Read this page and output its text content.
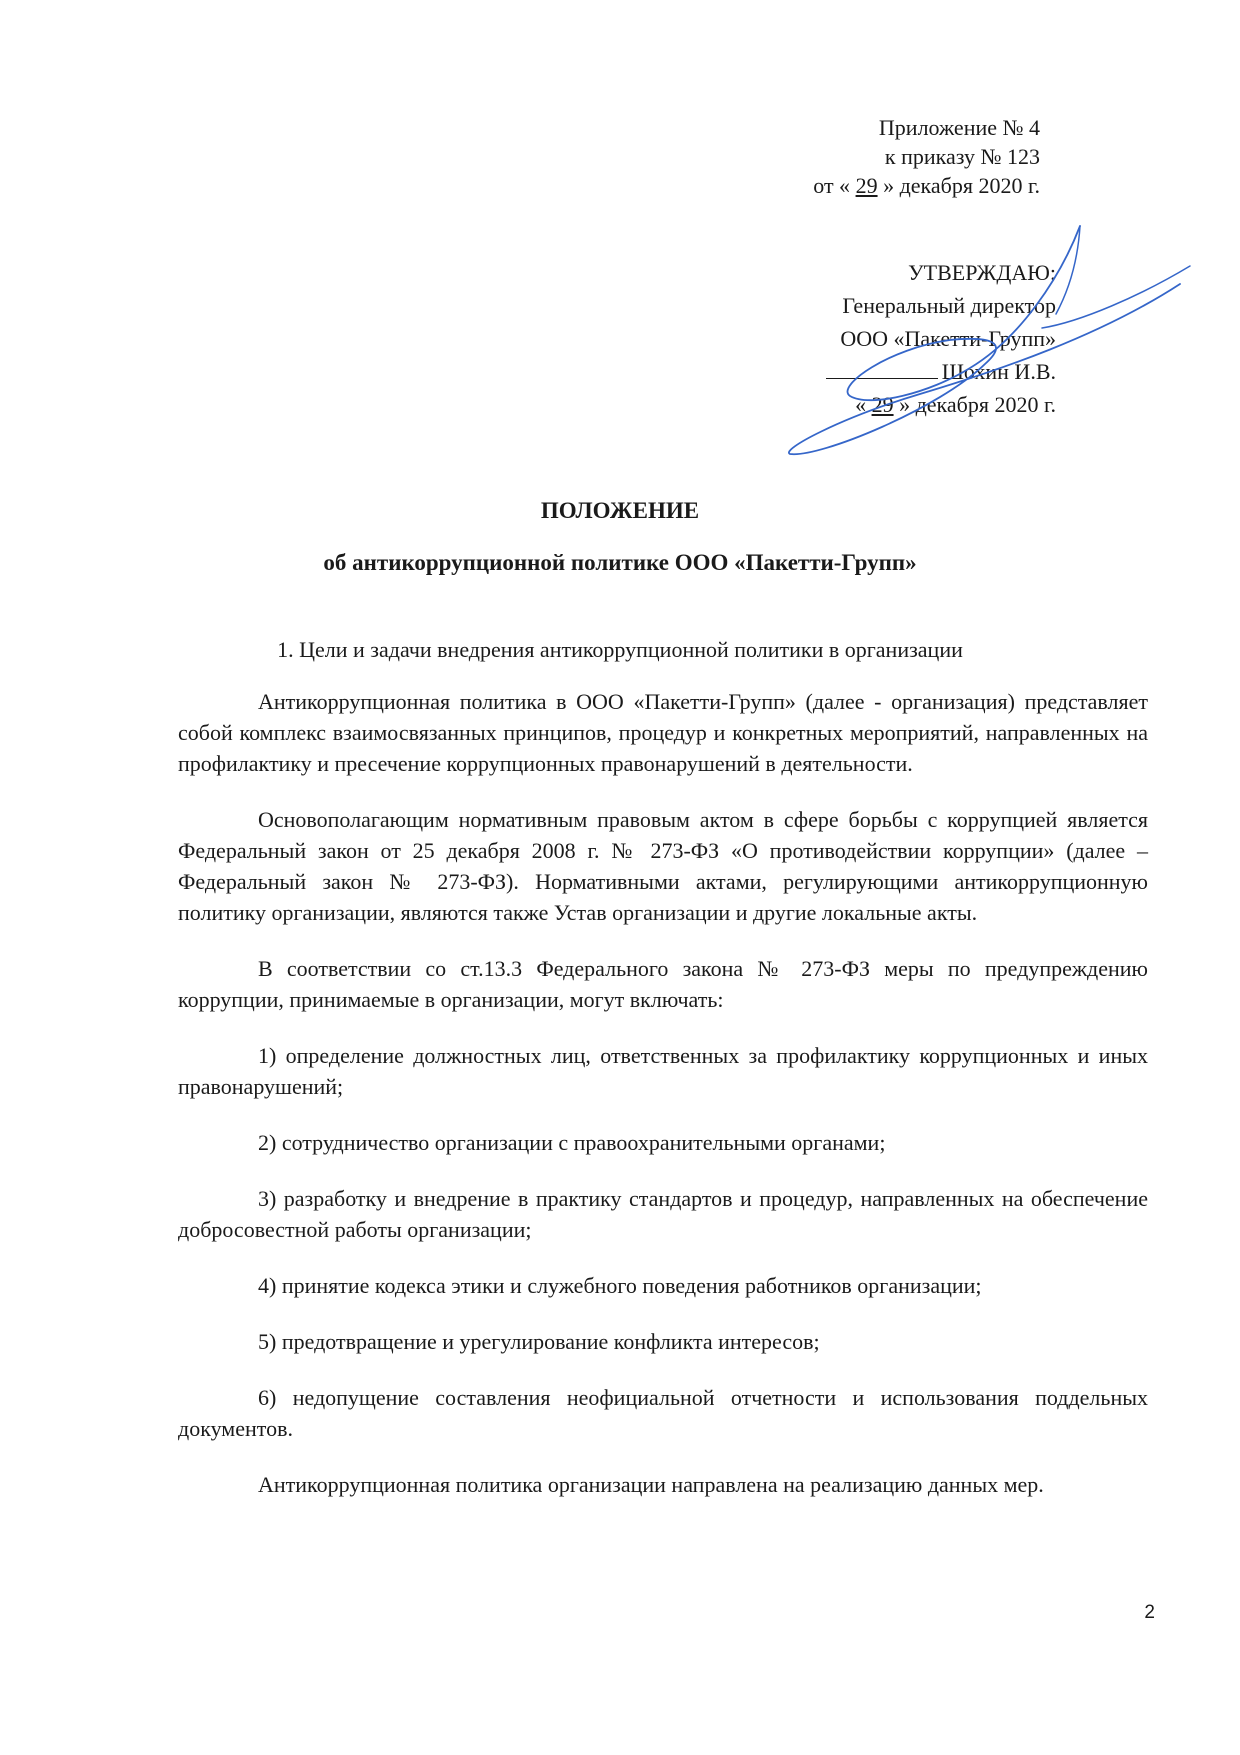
Приложение № 4
к приказу № 123
от « 29 » декабря 2020 г.
УТВЕРЖДАЮ:
Генеральный директор
ООО «Пакетти-Групп»
Шохин И.В.
« 29 » декабря 2020 г.
ПОЛОЖЕНИЕ
об антикоррупционной политике ООО «Пакетти-Групп»
1. Цели и задачи внедрения антикоррупционной политики в организации

Антикоррупционная политика в ООО «Пакетти-Групп» (далее - организация) представляет собой комплекс взаимосвязанных принципов, процедур и конкретных мероприятий, направленных на профилактику и пресечение коррупционных правонарушений в деятельности.

Основополагающим нормативным правовым актом в сфере борьбы с коррупцией является Федеральный закон от 25 декабря 2008 г. № 273-ФЗ «О противодействии коррупции» (далее – Федеральный закон № 273-ФЗ). Нормативными актами, регулирующими антикоррупционную политику организации, являются также Устав организации и другие локальные акты.

В соответствии со ст.13.3 Федерального закона № 273-ФЗ меры по предупреждению коррупции, принимаемые в организации, могут включать:

1) определение должностных лиц, ответственных за профилактику коррупционных и иных правонарушений;

2) сотрудничество организации с правоохранительными органами;

3) разработку и внедрение в практику стандартов и процедур, направленных на обеспечение добросовестной работы организации;

4) принятие кодекса этики и служебного поведения работников организации;

5) предотвращение и урегулирование конфликта интересов;

6) недопущение составления неофициальной отчетности и использования поддельных документов.

Антикоррупционная политика организации направлена на реализацию данных мер.

2
